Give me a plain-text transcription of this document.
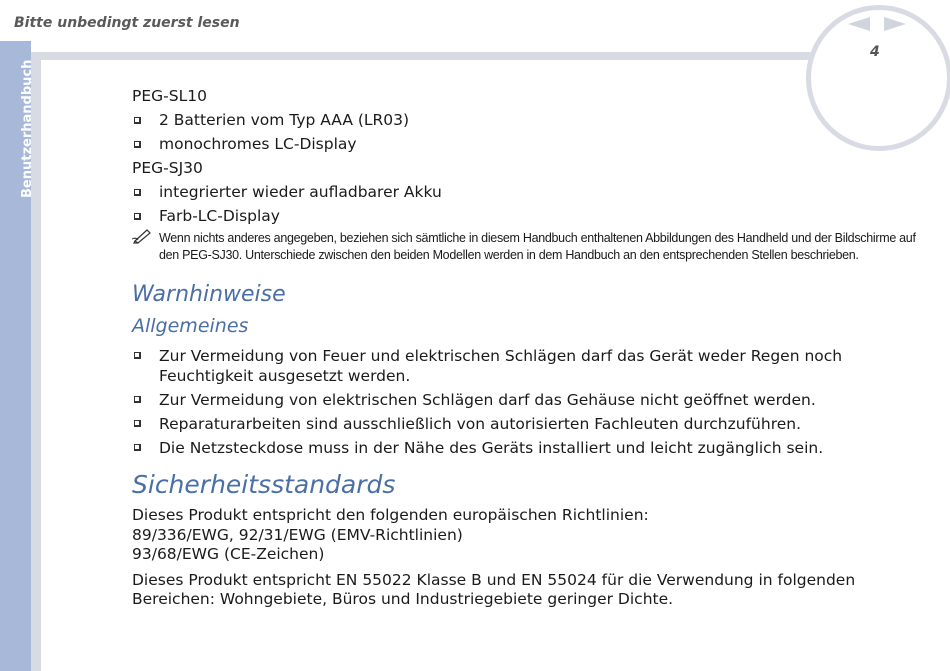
Bitte unbedingt zuerst lesen
Benutzerhandbuch
4

PEG-SL10

2 Batterien vom Typ AAA (LR03)
monochromes LC-Display

PEG-SJ30

integrierter wieder aufladbarer Akku
Farb-LC-Display
Wenn nichts anderes angegeben, beziehen sich sämtliche in diesem Handbuch enthaltenen Abbildungen des Handheld und der Bildschirme auf den PEG-SJ30. Unterschiede zwischen den beiden Modellen werden in dem Handbuch an den entsprechenden Stellen beschrieben.
Warnhinweise
Allgemeines
Zur Vermeidung von Feuer und elektrischen Schlägen darf das Gerät weder Regen noch Feuchtigkeit ausgesetzt werden.
Zur Vermeidung von elektrischen Schlägen darf das Gehäuse nicht geöffnet werden.
Reparaturarbeiten sind ausschließlich von autorisierten Fachleuten durchzuführen.
Die Netzsteckdose muss in der Nähe des Geräts installiert und leicht zugänglich sein.
Sicherheitsstandards

Dieses Produkt entspricht den folgenden europäischen Richtlinien:

89/336/EWG, 92/31/EWG (EMV-Richtlinien)

93/68/EWG (CE-Zeichen)

Dieses Produkt entspricht EN 55022 Klasse B und EN 55024 für die Verwendung in folgenden Bereichen: Wohngebiete, Büros und Industriegebiete geringer Dichte.
